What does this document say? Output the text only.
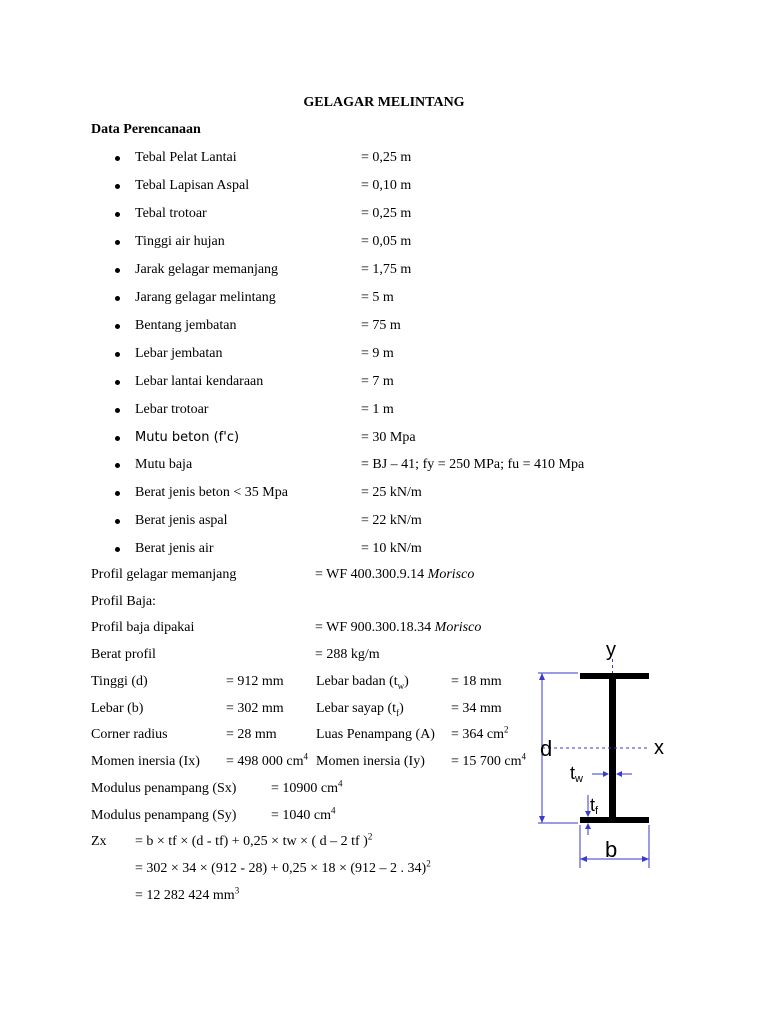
GELAGAR MELINTANG
Data Perencanaan
Tebal Pelat Lantai	= 0,25 m
Tebal Lapisan Aspal	= 0,10 m
Tebal trotoar	= 0,25 m
Tinggi air hujan	= 0,05 m
Jarak gelagar memanjang	= 1,75 m
Jarang gelagar melintang	= 5 m
Bentang jembatan	= 75 m
Lebar jembatan	= 9 m
Lebar lantai kendaraan	= 7 m
Lebar trotoar	= 1 m
Mutu beton (f'c)	= 30 Mpa
Mutu baja	= BJ – 41; fy = 250 MPa; fu = 410 Mpa
Berat jenis beton < 35 Mpa	= 25 kN/m
Berat jenis aspal	= 22 kN/m
Berat jenis air	= 10 kN/m
Profil gelagar memanjang	= WF 400.300.9.14 Morisco
Profil Baja:
Profil baja dipakai	= WF 900.300.18.34 Morisco
Berat profil	= 288 kg/m
Tinggi (d)	= 912 mm Lebar badan $(t_w)$	= 18 mm
Lebar (b)	= 302 mm Lebar sayap $(t_f)$	= 34 mm
Corner radius	= 28 mm	Luas Penampang (A) = 364 $cm^2$
Momen inersia (Ix) = 498 000 $cm^4$ Momen inersia (Iy) = 15 700 $cm^4$
Modulus penampang (Sx) = 10900 $cm^4$
Modulus penampang (Sy) = 1040 $cm^4$
Zx = b × tf × (d - tf) + 0,25 × tw × ( d – 2 tf )$^2$
= 302 × 34 × (912 - 28) + 0,25 × 18 × (912 – 2 . 34)$^2$
= 12 282 424 $mm^3$
y
x
d
tw
tf
b
